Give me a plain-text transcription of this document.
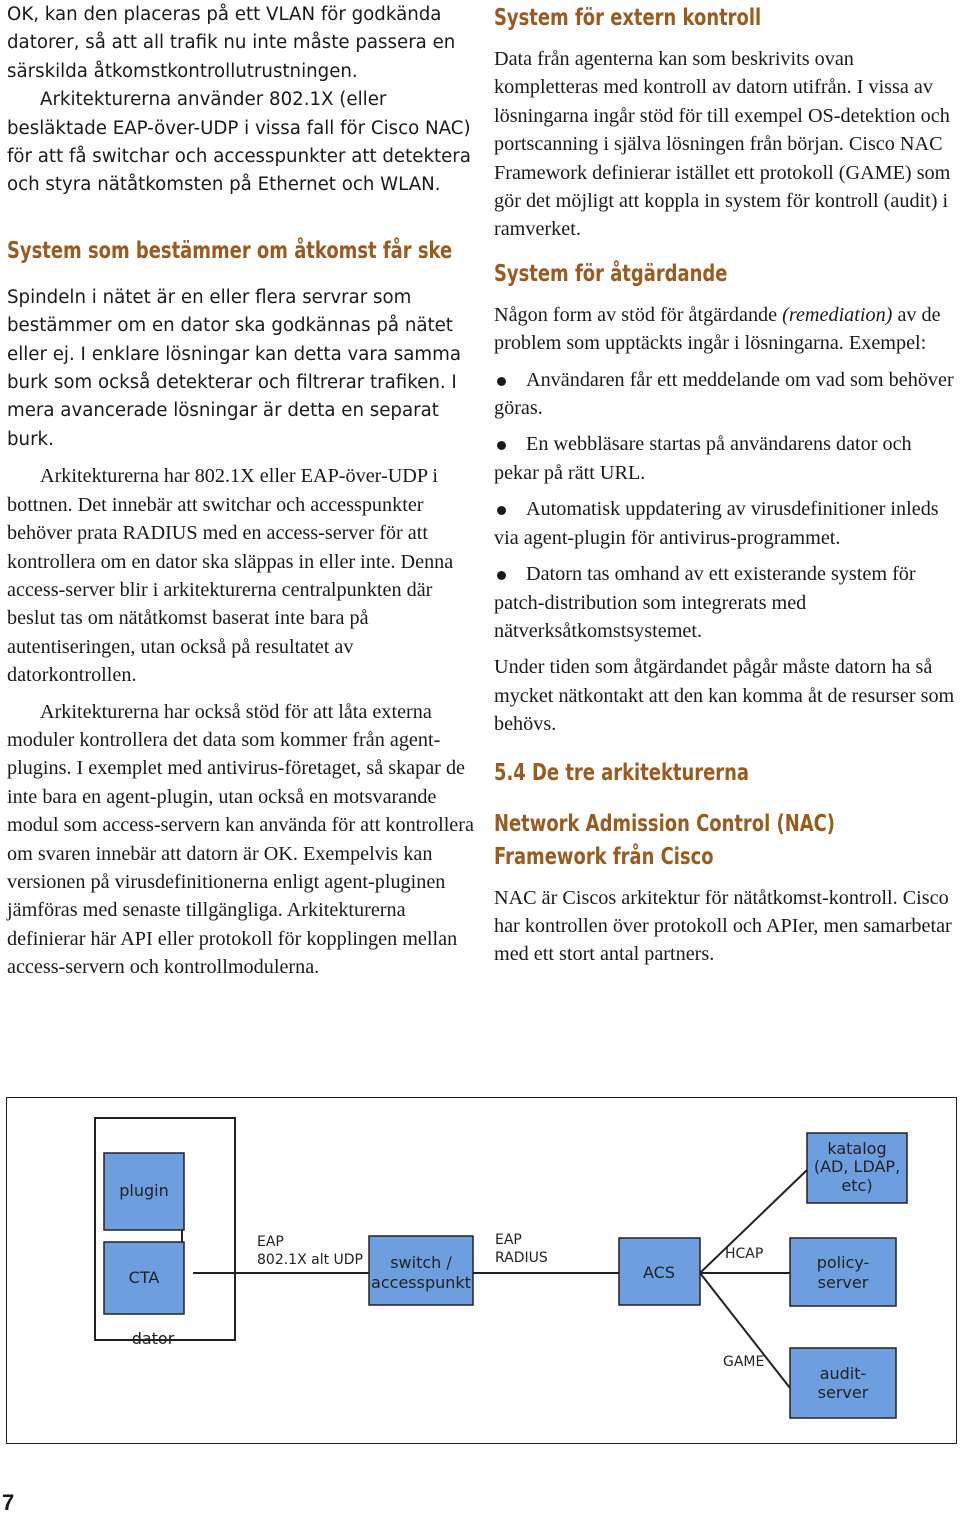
OK, kan den placeras på ett VLAN för godkända datorer, så att all trafik nu inte måste passera en särskilda åtkomstkontrollutrustningen.

Arkitekturerna använder 802.1X (eller besläktade EAP-över-UDP i vissa fall för Cisco NAC) för att få switchar och accesspunkter att detektera och styra nätåtkomsten på Ethernet och WLAN.

System som bestämmer om åtkomst får ske

Spindeln i nätet är en eller flera servrar som bestämmer om en dator ska godkännas på nätet eller ej. I enklare lösningar kan detta vara samma burk som också detekterar och filtrerar trafiken. I mera avancerade lösningar är detta en separat burk.

Arkitekturerna har 802.1X eller EAP-över-UDP i bottnen. Det innebär att switchar och accesspunkter behöver prata RADIUS med en access-server för att kontrollera om en dator ska släppas in eller inte. Denna access-server blir i arkitekturerna centralpunkten där beslut tas om nätåtkomst baserat inte bara på autentiseringen, utan också på resultatet av datorkontrollen.

Arkitekturerna har också stöd för att låta externa moduler kontrollera det data som kommer från agent-plugins. I exemplet med antivirus-företaget, så skapar de inte bara en agent-plugin, utan också en motsvarande modul som access-servern kan använda för att kontrollera om svaren innebär att datorn är OK. Exempelvis kan versionen på virusdefinitionerna enligt agent-pluginen jämföras med senaste tillgängliga. Arkitekturerna definierar här API eller protokoll för kopplingen mellan access-servern och kontrollmodulerna.

System för extern kontroll

Data från agenterna kan som beskrivits ovan kompletteras med kontroll av datorn utifrån. I vissa av lösningarna ingår stöd för till exempel OS-detektion och portscanning i själva lösningen från början. Cisco NAC Framework definierar istället ett protokoll (GAME) som gör det möjligt att koppla in system för kontroll (audit) i ramverket.

System för åtgärdande

Någon form av stöd för åtgärdande (remediation) av de problem som upptäckts ingår i lösningarna. Exempel:

Användaren får ett meddelande om vad som behöver göras.
En webbläsare startas på användarens dator och pekar på rätt URL.
Automatisk uppdatering av virusdefinitioner inleds via agent-plugin för antivirus-programmet.
Datorn tas omhand av ett existerande system för patch-distribution som integrerats med nätverksåtkomstsystemet.

Under tiden som åtgärdandet pågår måste datorn ha så mycket nätkontakt att den kan komma åt de resurser som behövs.

5.4 De tre arkitekturerna
Network Admission Control (NAC) Framework från Cisco

NAC är Ciscos arkitektur för nätåtkomst-kontroll. Cisco har kontrollen över protokoll och APIer, men samarbetar med ett stort antal partners.

plugin
CTA
dator
EAP
802.1X alt UDP switch /
accesspunkt
EAP
RADIUS
ACS
katalog
(AD, LDAP,
etc)
HCAP	policy-
server
GAME
audit-
server
7
